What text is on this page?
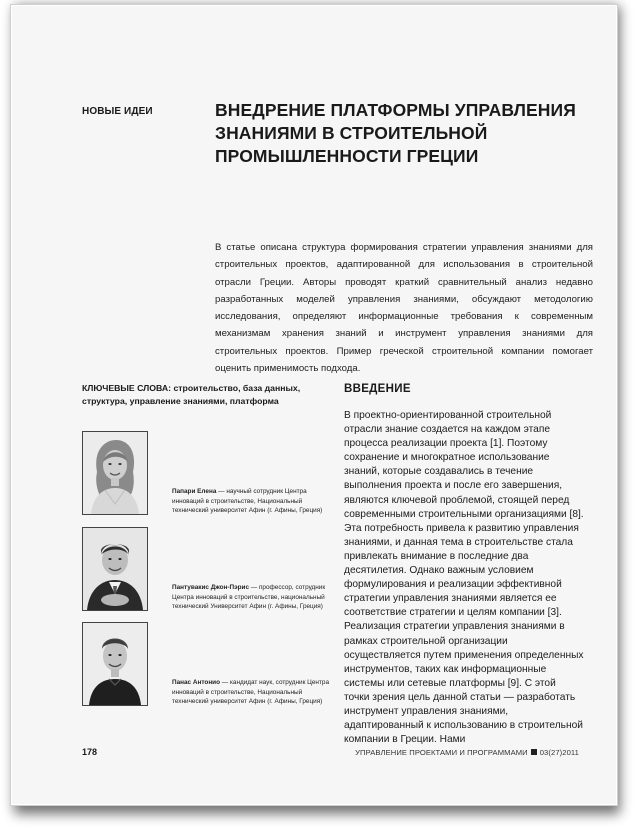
НОВЫЕ ИДЕИ	ВНЕДРЕНИЕ ПЛАТФОРМЫ УПРАВЛЕНИЯ ЗНАНИЯМИ В СТРОИТЕЛЬНОЙ ПРОМЫШЛЕННОСТИ ГРЕЦИИ
В статье описана структура формирования стратегии управления знаниями для строительных проектов, адаптированной для использования в строительной отрасли Греции. Авторы проводят краткий сравнительный анализ недавно разработанных моделей управления знаниями, обсуждают методологию исследования, определяют информационные требования к современным механизмам хранения знаний и инструмент управления знаниями для строительных проектов. Пример греческой строительной компании помогает оценить применимость подхода.
КЛЮЧЕВЫЕ СЛОВА: строительство, база данных, структура, управление знаниями, платформа
Папари Елена — научный сотрудник Центра инноваций в строительстве, Национальный технический университет Афин (г. Афины, Греция)
Пантувакис Джон-Пэрис — профессор, сотрудник Центра инноваций в строительстве, национальный технический Университет Афин (г. Афины, Греция)
Панас Антонио — кандидат наук, сотрудник Центра инноваций в строительстве, Национальный технический университет Афин (г. Афины, Греция)
ВВЕДЕНИЕ

В проектно-ориентированной строительной отрасли знание создается на каждом этапе процесса реализации проекта [1]. Поэтому сохранение и многократное использование знаний, которые создавались в течение выполнения проекта и после его завершения, являются ключевой проблемой, стоящей перед современными строительными организациями [8]. Эта потребность привела к развитию управления знаниями, и данная тема в строительстве стала привлекать внимание в последние два десятилетия. Однако важным условием формулирования и реализации эффективной стратегии управления знаниями является ее соответствие стратегии и целям компании [3]. Реализация стратегии управления знаниями в рамках строительной организации осуществляется путем применения определенных инструментов, таких как информационные системы или сетевые платформы [9]. С этой точки зрения цель данной статьи — разработать инструмент управления знаниями, адаптированный к использованию в строительной компании в Греции. Нами

178	УПРАВЛЕНИЕ ПРОЕКТАМИ И ПРОГРАММАМИ 03(27)2011
